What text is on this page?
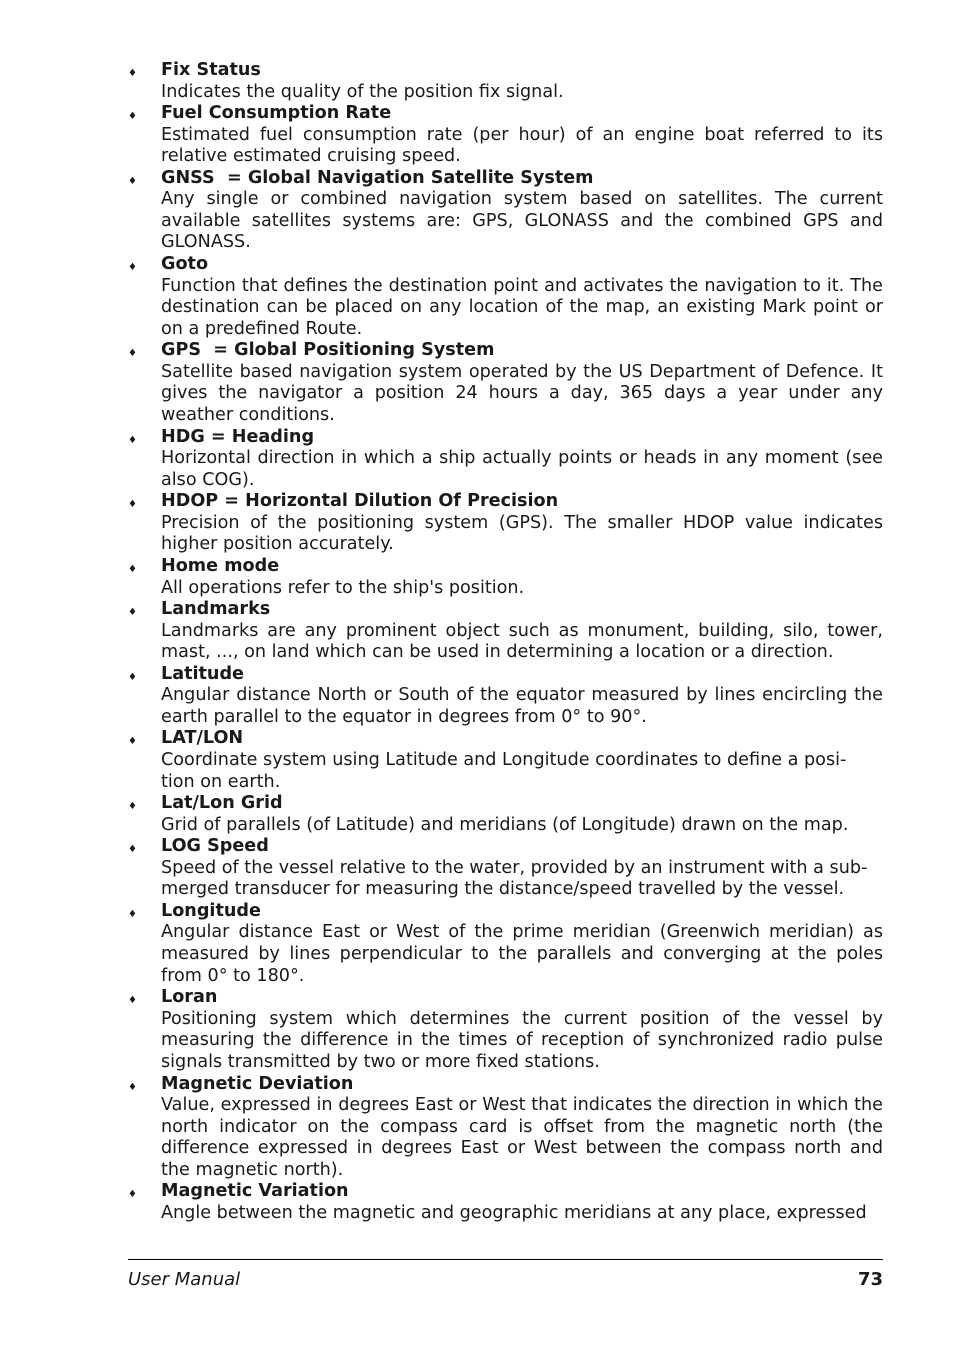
♦ Fix Status
Indicates the quality of the position fix signal.
♦ Fuel Consumption Rate
Estimated fuel consumption rate (per hour) of an engine boat referred to its relative estimated cruising speed.
♦ GNSS  = Global Navigation Satellite System
Any single or combined navigation system based on satellites. The current available satellites systems are: GPS, GLONASS and the combined GPS and GLONASS.
♦ Goto
Function that defines the destination point and activates the navigation to it. The destination can be placed on any location of the map, an existing Mark point or on a predefined Route.
♦ GPS  = Global Positioning System
Satellite based navigation system operated by the US Department of Defence. It gives the navigator a position 24 hours a day, 365 days a year under any weather conditions.
♦ HDG = Heading
Horizontal direction in which a ship actually points or heads in any moment (see also COG).
♦ HDOP = Horizontal Dilution Of Precision
Precision of the positioning system (GPS). The smaller HDOP value indicates higher position accurately.
♦ Home mode
All operations refer to the ship's position.
♦ Landmarks
Landmarks are any prominent object such as monument, building, silo, tower, mast, ..., on land which can be used in determining a location or a direction.
♦ Latitude
Angular distance North or South of the equator measured by lines encircling the earth parallel to the equator in degrees from 0° to 90°.
♦ LAT/LON
Coordinate system using Latitude and Longitude coordinates to define a posi-
tion on earth.
♦ Lat/Lon Grid
Grid of parallels (of Latitude) and meridians (of Longitude) drawn on the map.
♦ LOG Speed
Speed of the vessel relative to the water, provided by an instrument with a sub-
merged transducer for measuring the distance/speed travelled by the vessel.
♦ Longitude
Angular distance East or West of the prime meridian (Greenwich meridian) as measured by lines perpendicular to the parallels and converging at the poles from 0° to 180°.
♦ Loran
Positioning system which determines the current position of the vessel by measuring the difference in the times of reception of synchronized radio pulse signals transmitted by two or more fixed stations.
♦ Magnetic Deviation
Value, expressed in degrees East or West that indicates the direction in which the north indicator on the compass card is offset from the magnetic north (the difference expressed in degrees East or West between the compass north and the magnetic north).
♦ Magnetic Variation
Angle between the magnetic and geographic meridians at any place, expressed
User Manual	73
